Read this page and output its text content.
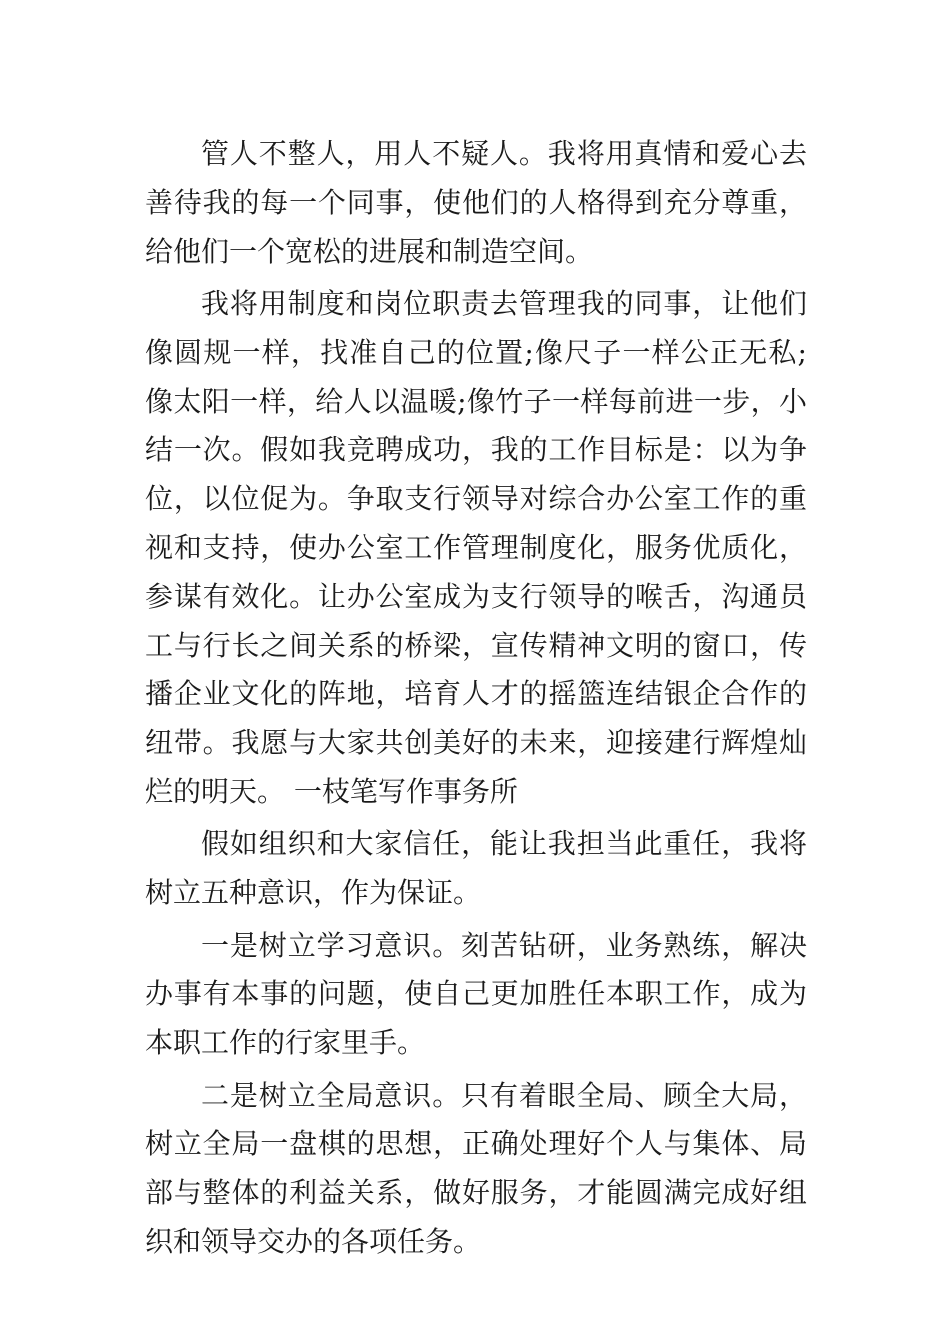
管人不整人，用人不疑人。我将用真情和爱心去善待我的每一个同事，使他们的人格得到充分尊重，给他们一个宽松的进展和制造空间。

我将用制度和岗位职责去管理我的同事，让他们像圆规一样，找准自己的位置;像尺子一样公正无私;像太阳一样，给人以温暖;像竹子一样每前进一步，小结一次。假如我竞聘成功，我的工作目标是：以为争位，以位促为。争取支行领导对综合办公室工作的重视和支持，使办公室工作管理制度化，服务优质化，参谋有效化。让办公室成为支行领导的喉舌，沟通员工与行长之间关系的桥梁，宣传精神文明的窗口，传播企业文化的阵地，培育人才的摇篮连结银企合作的纽带。我愿与大家共创美好的未来，迎接建行辉煌灿烂的明天。 一枝笔写作事务所

假如组织和大家信任，能让我担当此重任，我将树立五种意识，作为保证。

一是树立学习意识。刻苦钻研，业务熟练，解决办事有本事的问题，使自己更加胜任本职工作，成为本职工作的行家里手。

二是树立全局意识。只有着眼全局、顾全大局，树立全局一盘棋的思想，正确处理好个人与集体、局部与整体的利益关系，做好服务，才能圆满完成好组织和领导交办的各项任务。
